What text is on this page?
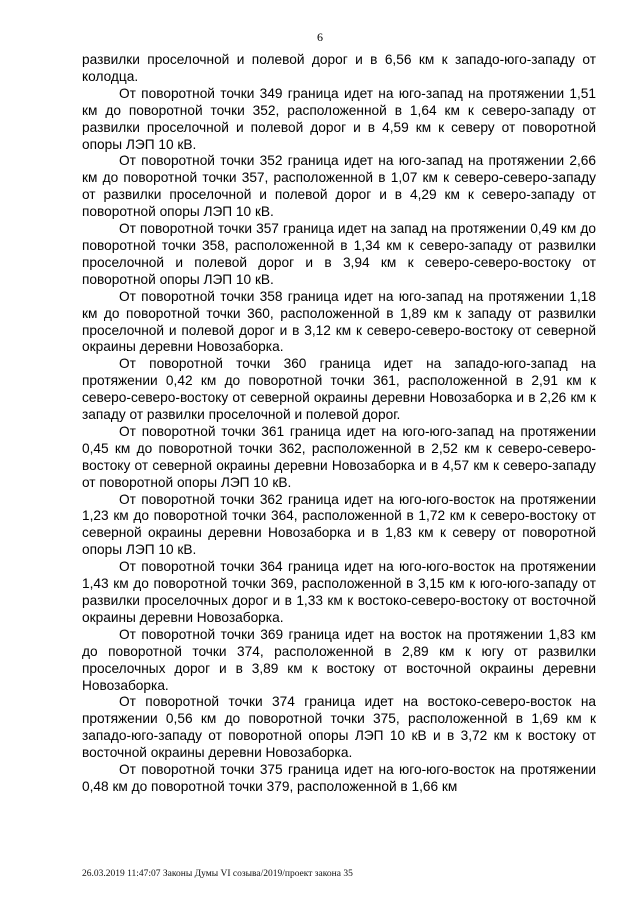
6

развилки проселочной и полевой дорог и в 6,56 км к западо-юго-западу от колодца.

От поворотной точки 349 граница идет на юго-запад на протяжении 1,51 км до поворотной точки 352, расположенной в 1,64 км к северо-западу от развилки проселочной и полевой дорог и в 4,59 км к северу от поворотной опоры ЛЭП 10 кВ.

От поворотной точки 352 граница идет на юго-запад на протяжении 2,66 км до поворотной точки 357, расположенной в 1,07 км к северо-северо-западу от развилки проселочной и полевой дорог и в 4,29 км к северо-западу от поворотной опоры ЛЭП 10 кВ.

От поворотной точки 357 граница идет на запад на протяжении 0,49 км до поворотной точки 358, расположенной в 1,34 км к северо-западу от развилки проселочной и полевой дорог и в 3,94 км к северо-северо-востоку от поворотной опоры ЛЭП 10 кВ.

От поворотной точки 358 граница идет на юго-запад на протяжении 1,18 км до поворотной точки 360, расположенной в 1,89 км к западу от развилки проселочной и полевой дорог и в 3,12 км к северо-северо-востоку от северной окраины деревни Новозаборка.

От поворотной точки 360 граница идет на западо-юго-запад на протяжении 0,42 км до поворотной точки 361, расположенной в 2,91 км к северо-северо-востоку от северной окраины деревни Новозаборка и в 2,26 км к западу от развилки проселочной и полевой дорог.

От поворотной точки 361 граница идет на юго-юго-запад на протяжении 0,45 км до поворотной точки 362, расположенной в 2,52 км к северо-северо-востоку от северной окраины деревни Новозаборка и в 4,57 км к северо-западу от поворотной опоры ЛЭП 10 кВ.

От поворотной точки 362 граница идет на юго-юго-восток на протяжении 1,23 км до поворотной точки 364, расположенной в 1,72 км к северо-востоку от северной окраины деревни Новозаборка и в 1,83 км к северу от поворотной опоры ЛЭП 10 кВ.

От поворотной точки 364 граница идет на юго-юго-восток на протяжении 1,43 км до поворотной точки 369, расположенной в 3,15 км к юго-юго-западу от развилки проселочных дорог и в 1,33 км к востоко-северо-востоку от восточной окраины деревни Новозаборка.

От поворотной точки 369 граница идет на восток на протяжении 1,83 км до поворотной точки 374, расположенной в 2,89 км к югу от развилки проселочных дорог и в 3,89 км к востоку от восточной окраины деревни Новозаборка.

От поворотной точки 374 граница идет на востоко-северо-восток на протяжении 0,56 км до поворотной точки 375, расположенной в 1,69 км к западо-юго-западу от поворотной опоры ЛЭП 10 кВ и в 3,72 км к востоку от восточной окраины деревни Новозаборка.

От поворотной точки 375 граница идет на юго-юго-восток на протяжении 0,48 км до поворотной точки 379, расположенной в 1,66 км

26.03.2019 11:47:07 Законы Думы VI созыва/2019/проект закона 35
